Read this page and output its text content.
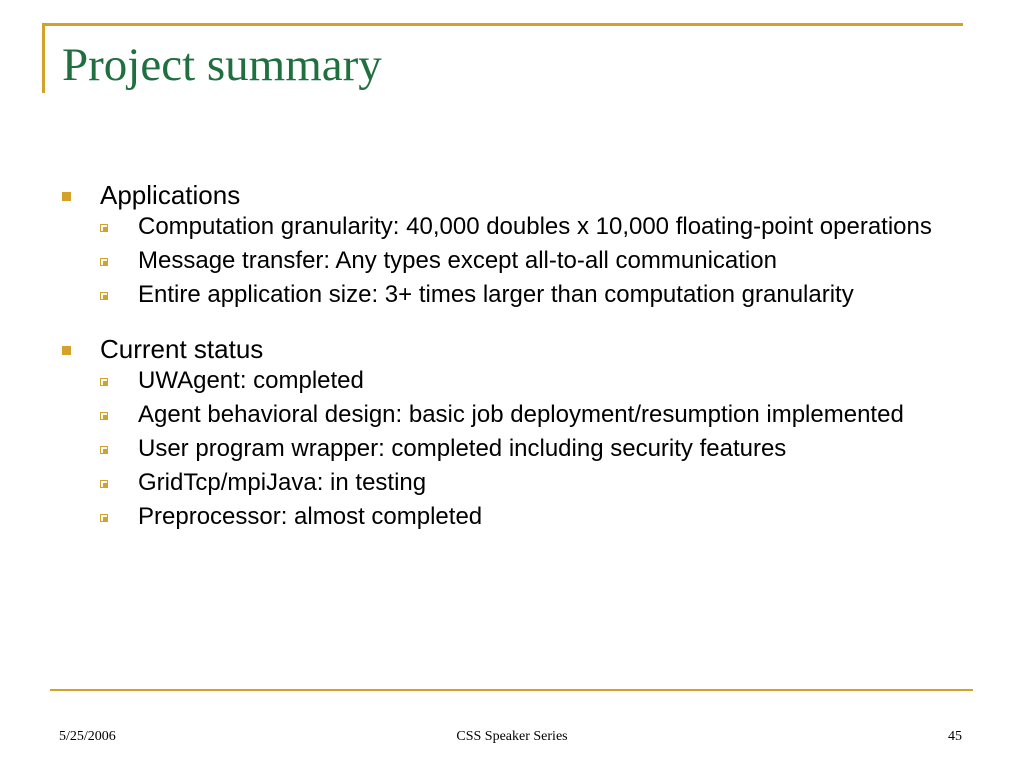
Project summary
Applications
Computation granularity: 40,000 doubles x 10,000 floating-point operations
Message transfer: Any types except all-to-all communication
Entire application size: 3+ times larger than computation granularity
Current status
UWAgent: completed
Agent behavioral design: basic job deployment/resumption implemented
User program wrapper: completed including security features
GridTcp/mpiJava: in testing
Preprocessor: almost completed
5/25/2006	CSS Speaker Series	45
